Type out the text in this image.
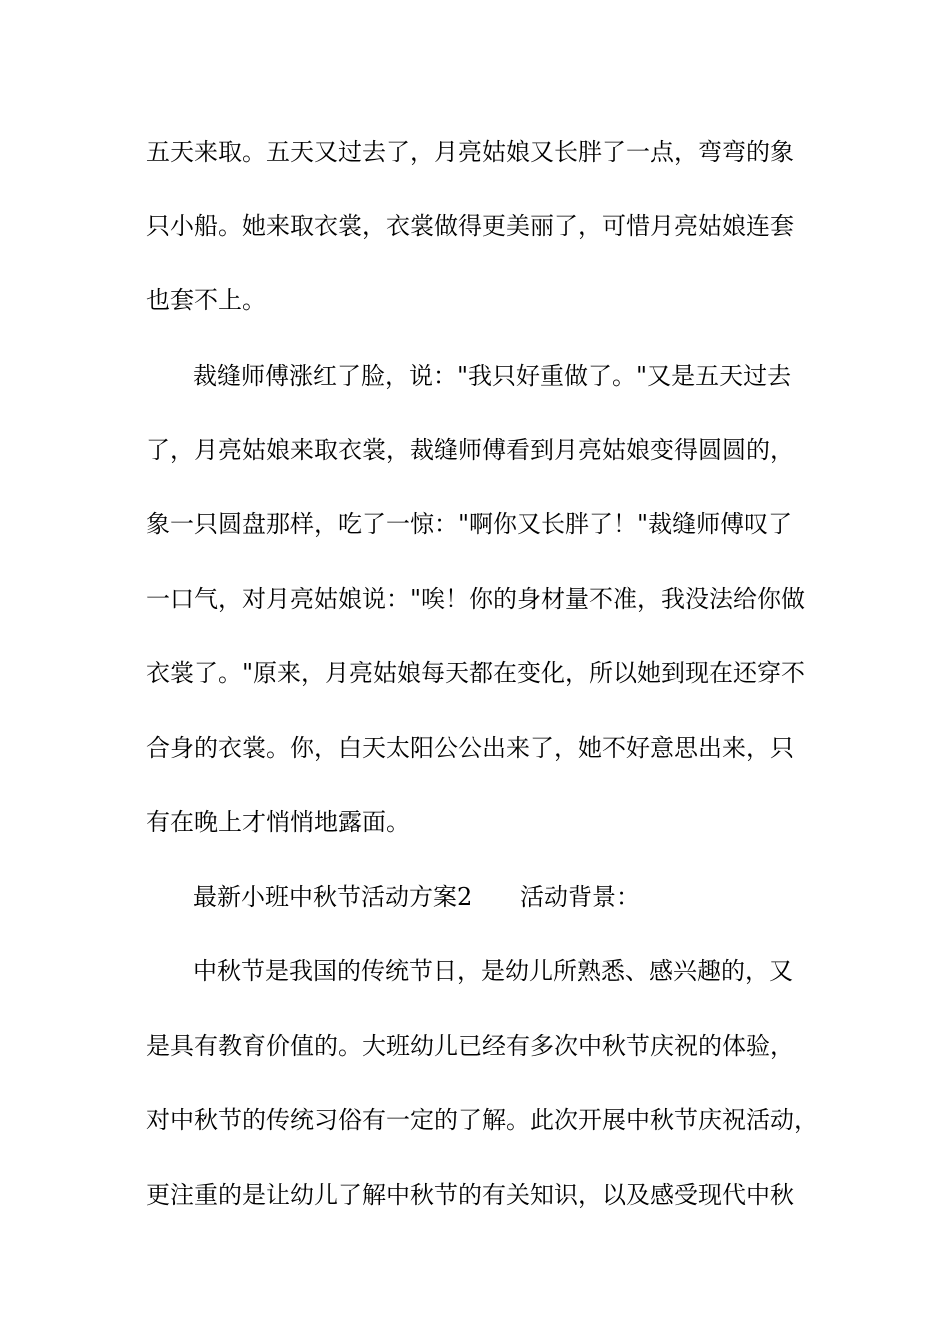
五天来取。五天又过去了，月亮姑娘又长胖了一点，弯弯的象
只小船。她来取衣裳，衣裳做得更美丽了，可惜月亮姑娘连套
也套不上。
裁缝师傅涨红了脸，说："我只好重做了。"又是五天过去
了，月亮姑娘来取衣裳，裁缝师傅看到月亮姑娘变得圆圆的，
象一只圆盘那样，吃了一惊："啊你又长胖了！"裁缝师傅叹了
一口气，对月亮姑娘说："唉！你的身材量不准，我没法给你做
衣裳了。"原来，月亮姑娘每天都在变化，所以她到现在还穿不
合身的衣裳。你，白天太阳公公出来了，她不好意思出来，只
有在晚上才悄悄地露面。
最新小班中秋节活动方案2 活动背景：
中秋节是我国的传统节日，是幼儿所熟悉、感兴趣的，又
是具有教育价值的。大班幼儿已经有多次中秋节庆祝的体验，
对中秋节的传统习俗有一定的了解。此次开展中秋节庆祝活动，
更注重的是让幼儿了解中秋节的有关知识，以及感受现代中秋
